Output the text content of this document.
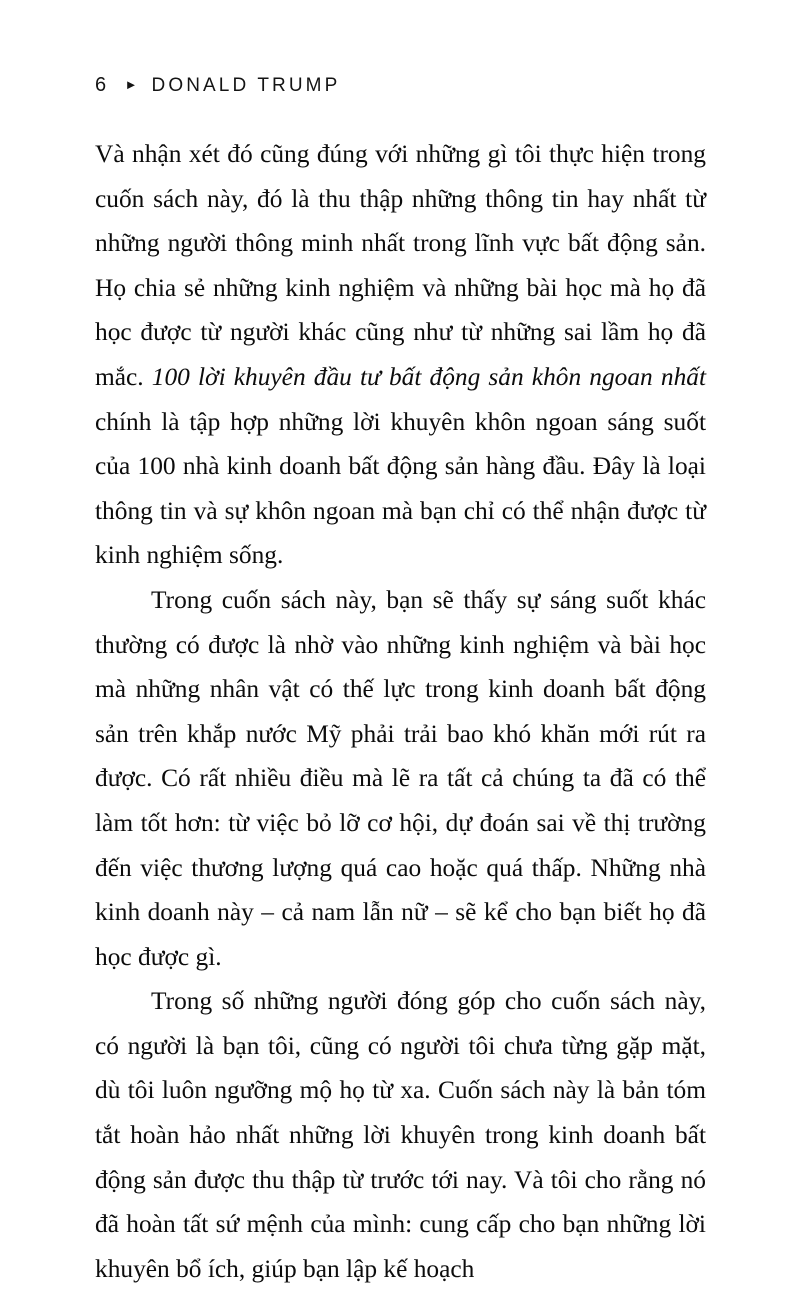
6 ► DONALD TRUMP

Và nhận xét đó cũng đúng với những gì tôi thực hiện trong cuốn sách này, đó là thu thập những thông tin hay nhất từ những người thông minh nhất trong lĩnh vực bất động sản. Họ chia sẻ những kinh nghiệm và những bài học mà họ đã học được từ người khác cũng như từ những sai lầm họ đã mắc. 100 lời khuyên đầu tư bất động sản khôn ngoan nhất chính là tập hợp những lời khuyên khôn ngoan sáng suốt của 100 nhà kinh doanh bất động sản hàng đầu. Đây là loại thông tin và sự khôn ngoan mà bạn chỉ có thể nhận được từ kinh nghiệm sống.

Trong cuốn sách này, bạn sẽ thấy sự sáng suốt khác thường có được là nhờ vào những kinh nghiệm và bài học mà những nhân vật có thế lực trong kinh doanh bất động sản trên khắp nước Mỹ phải trải bao khó khăn mới rút ra được. Có rất nhiều điều mà lẽ ra tất cả chúng ta đã có thể làm tốt hơn: từ việc bỏ lỡ cơ hội, dự đoán sai về thị trường đến việc thương lượng quá cao hoặc quá thấp. Những nhà kinh doanh này – cả nam lẫn nữ – sẽ kể cho bạn biết họ đã học được gì.

Trong số những người đóng góp cho cuốn sách này, có người là bạn tôi, cũng có người tôi chưa từng gặp mặt, dù tôi luôn ngưỡng mộ họ từ xa. Cuốn sách này là bản tóm tắt hoàn hảo nhất những lời khuyên trong kinh doanh bất động sản được thu thập từ trước tới nay. Và tôi cho rằng nó đã hoàn tất sứ mệnh của mình: cung cấp cho bạn những lời khuyên bổ ích, giúp bạn lập kế hoạch
